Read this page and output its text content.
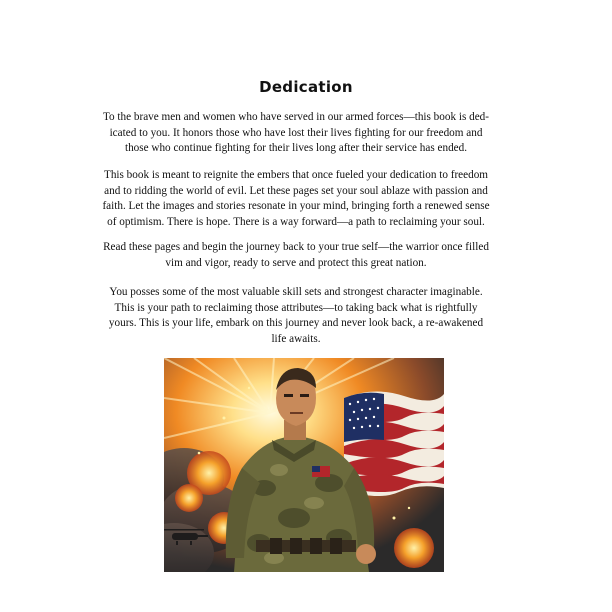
Dedication

To the brave men and women who have served in our armed forces—this book is ded-
icated to you. It honors those who have lost their lives fighting for our freedom and
those who continue fighting for their lives long after their service has ended.

This book is meant to reignite the embers that once fueled your dedication to freedom
and to ridding the world of evil. Let these pages set your soul ablaze with passion and
faith. Let the images and stories resonate in your mind, bringing forth a renewed sense
of optimism. There is hope. There is a way forward—a path to reclaiming your soul.

Read these pages and begin the journey back to your true self—the warrior once filled
vim and vigor, ready to serve and protect this great nation.

You posses some of the most valuable skill sets and strongest character imaginable.
This is your path to reclaiming those attributes—to taking back what is rightfully
yours. This is your life, embark on this journey and never look back, a re-awakened
life awaits.
